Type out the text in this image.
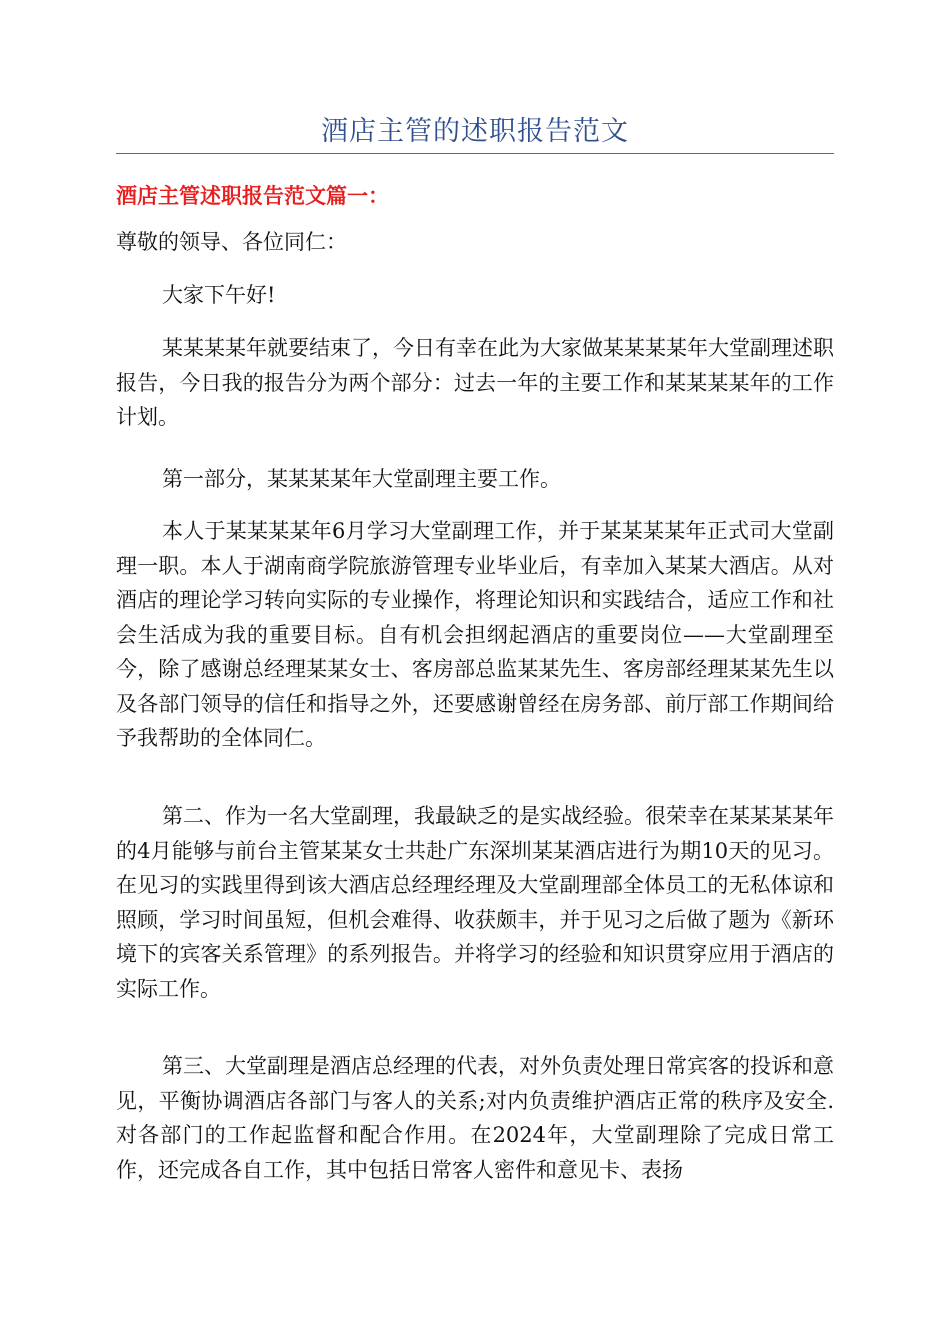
酒店主管的述职报告范文
酒店主管述职报告范文篇一：
尊敬的领导、各位同仁：
大家下午好!

某某某某年就要结束了，今日有幸在此为大家做某某某某年大堂副理述职报告，今日我的报告分为两个部分：过去一年的主要工作和某某某某年的工作计划。

第一部分，某某某某年大堂副理主要工作。

本人于某某某某年6月学习大堂副理工作，并于某某某某年正式司大堂副理一职。本人于湖南商学院旅游管理专业毕业后，有幸加入某某大酒店。从对酒店的理论学习转向实际的专业操作，将理论知识和实践结合，适应工作和社会生活成为我的重要目标。自有机会担纲起酒店的重要岗位——大堂副理至今，除了感谢总经理某某女士、客房部总监某某先生、客房部经理某某先生以及各部门领导的信任和指导之外，还要感谢曾经在房务部、前厅部工作期间给予我帮助的全体同仁。

第二、作为一名大堂副理，我最缺乏的是实战经验。很荣幸在某某某某年的4月能够与前台主管某某女士共赴广东深圳某某酒店进行为期10天的见习。在见习的实践里得到该大酒店总经理经理及大堂副理部全体员工的无私体谅和照顾，学习时间虽短，但机会难得、收获颇丰，并于见习之后做了题为《新环境下的宾客关系管理》的系列报告。并将学习的经验和知识贯穿应用于酒店的实际工作。

第三、大堂副理是酒店总经理的代表，对外负责处理日常宾客的投诉和意见，平衡协调酒店各部门与客人的关系;对内负责维护酒店正常的秩序及安全.对各部门的工作起监督和配合作用。在2024年，大堂副理除了完成日常工作，还完成各自工作，其中包括日常客人密件和意见卡、表扬
